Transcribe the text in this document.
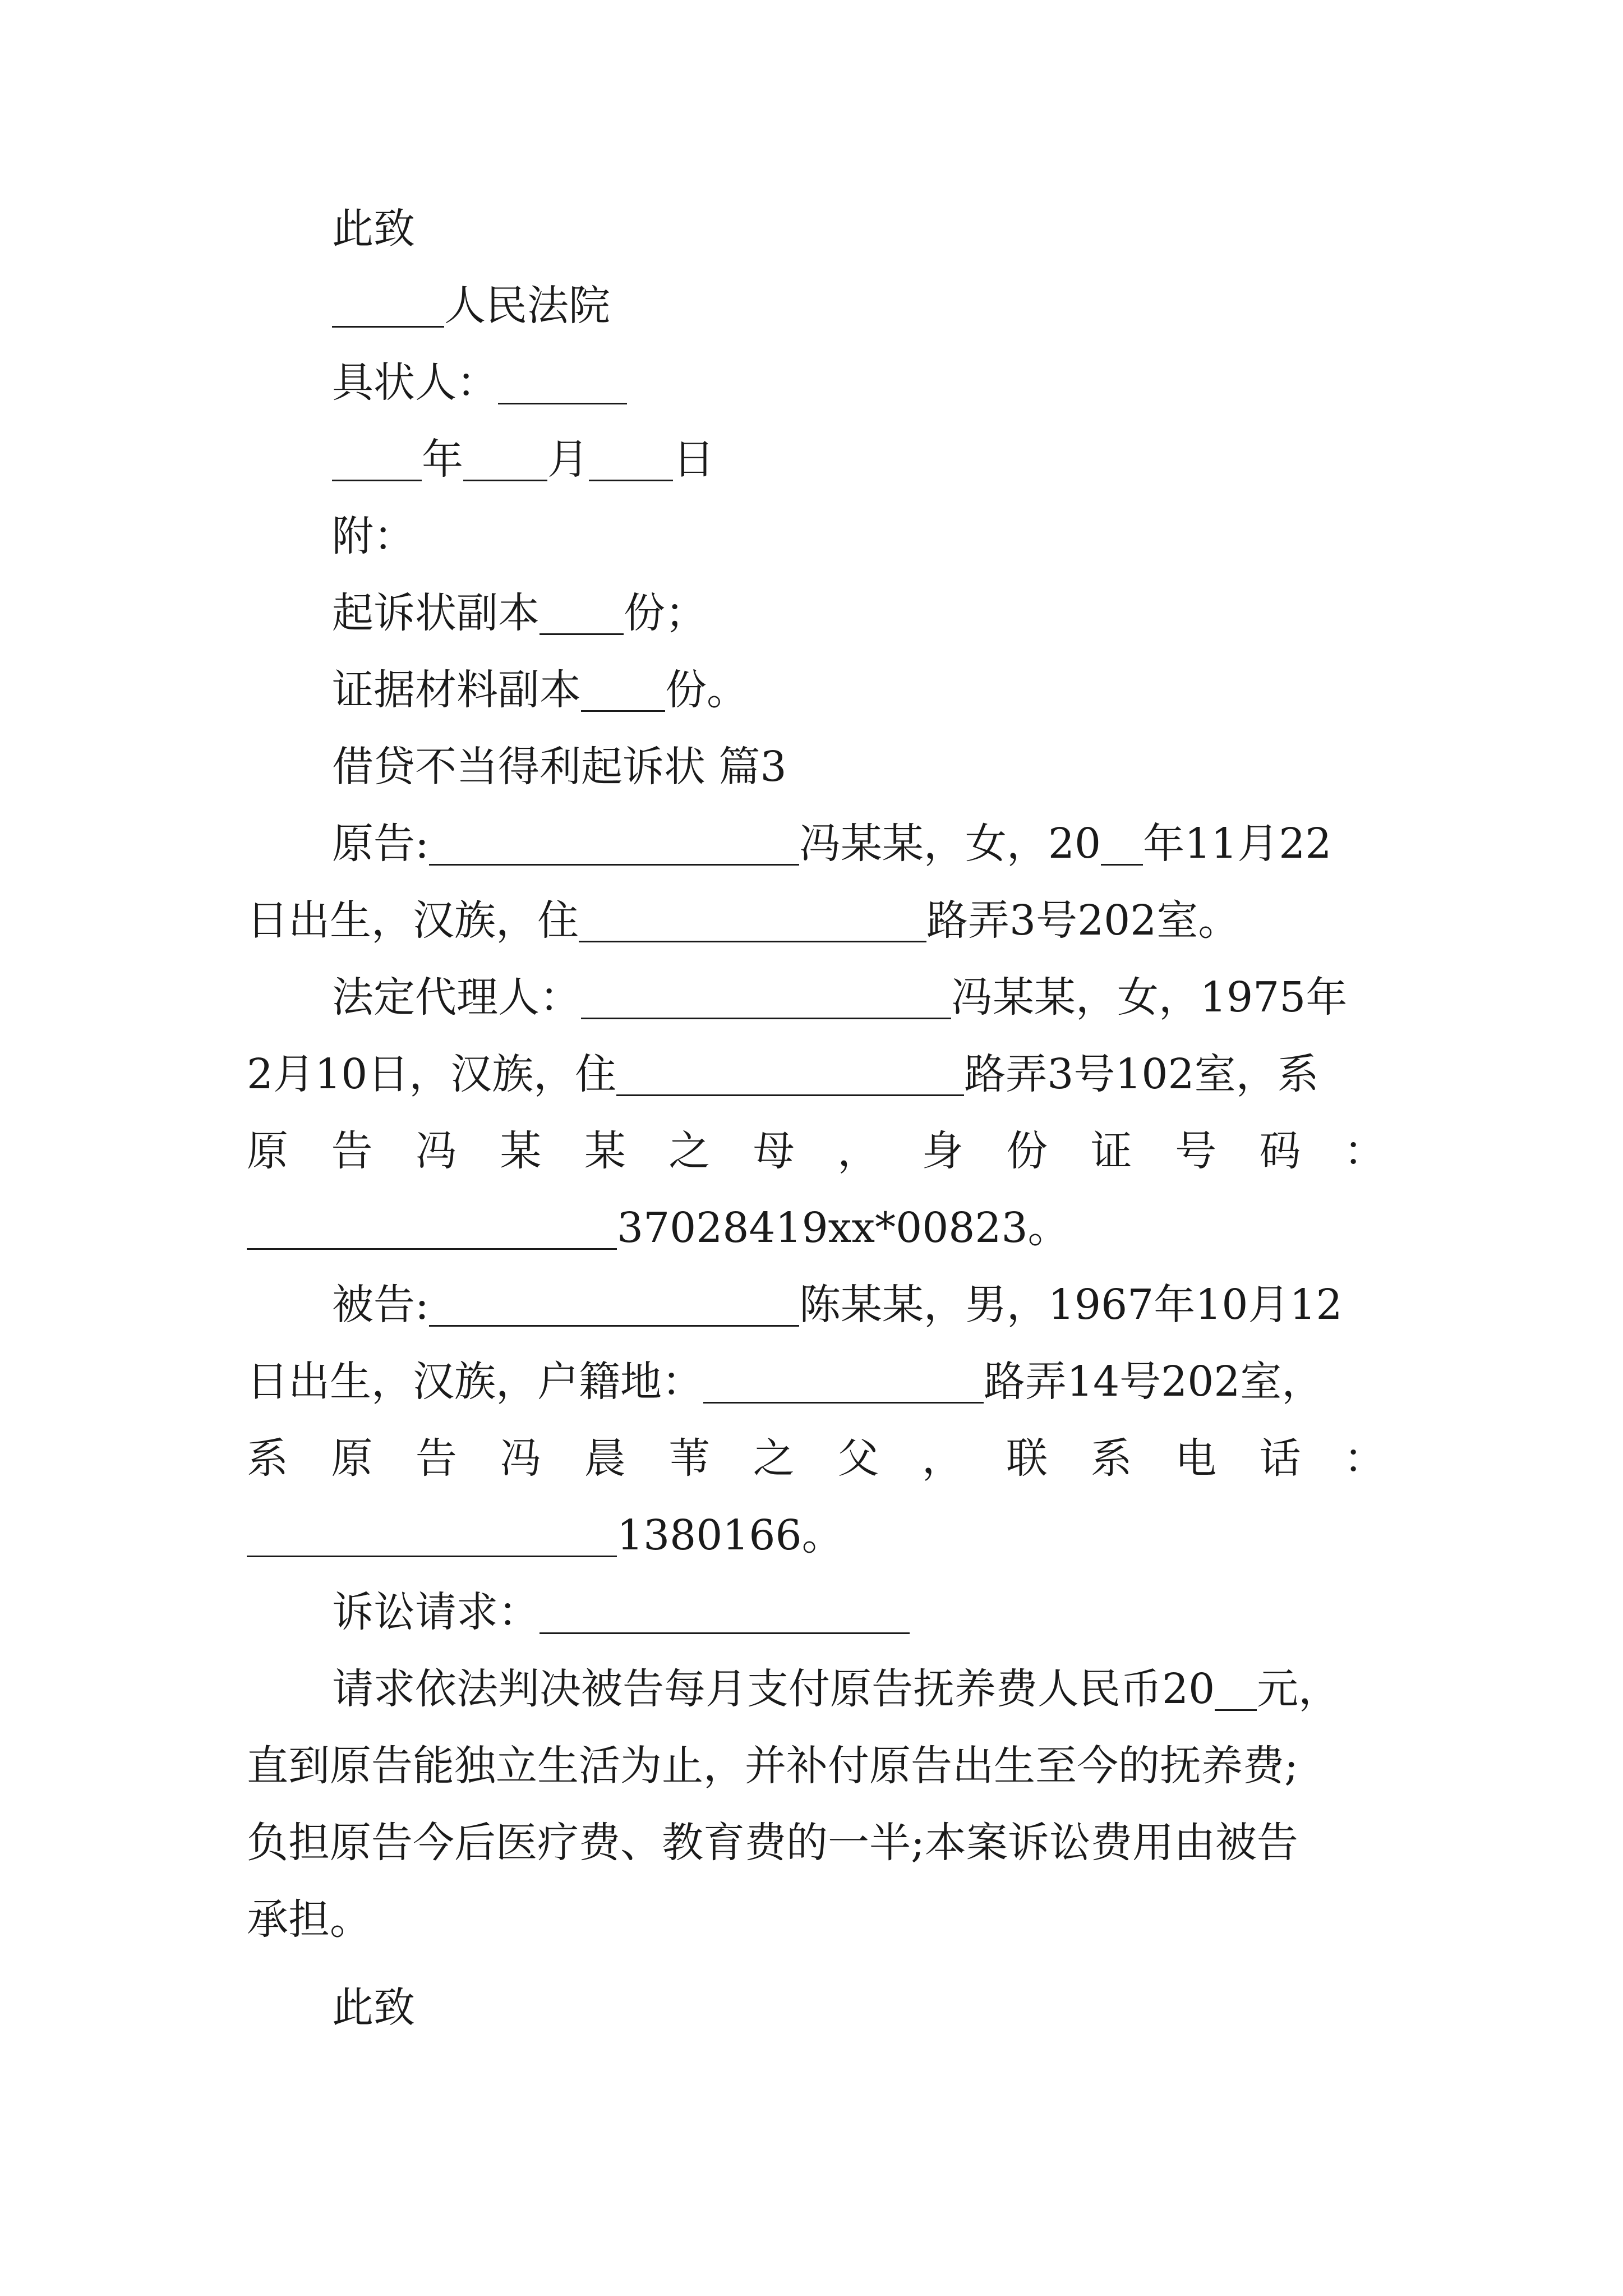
此致
人民法院
具状人：
年 月 日
附：
起诉状副本 份；
证据材料副本 份。
借贷不当得利起诉状 篇3
原告:	冯某某，女，20 年11月22
日出生，汉族，住	路弄3号202室。
法定代理人：	冯某某，女，1975年
2月10日，汉族，住	路弄3号102室，系
原告冯某某之母，身份证号码：
37028419xx*00823。
被告:	陈某某，男，1967年10月12
日出生，汉族，户籍地：	路弄14号202室，
系原告冯晨苇之父，联系电话：
1380166。
诉讼请求：
请求依法判决被告每月支付原告抚养费人民币20 元，
直到原告能独立生活为止，并补付原告出生至今的抚养费;
负担原告今后医疗费、教育费的一半;本案诉讼费用由被告
承担。
此致
